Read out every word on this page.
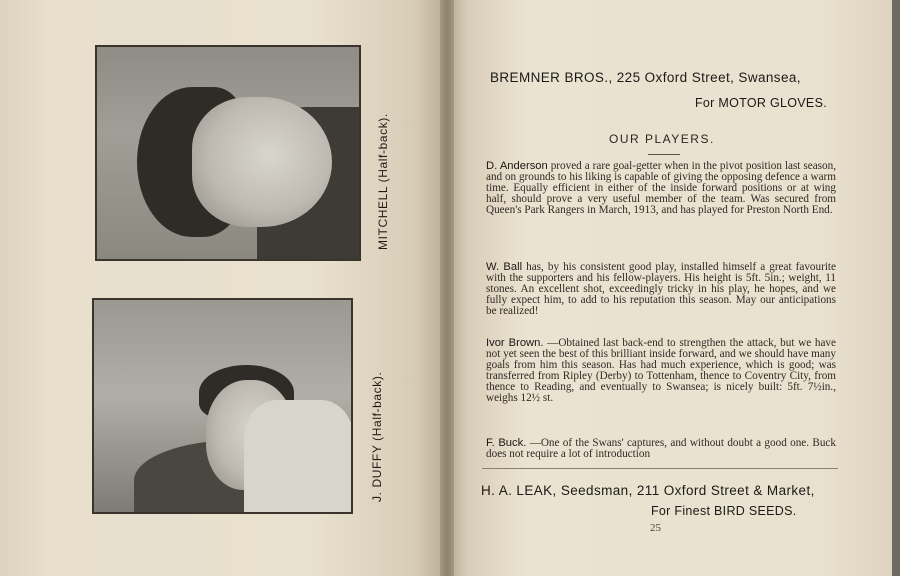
MITCHELL (Half-back).
J. DUFFY (Half-back).
BREMNER BROS., 225 Oxford Street, Swansea,
For MOTOR GLOVES.
OUR PLAYERS.
D. Anderson proved a rare goal-getter when in the pivot position last season, and on grounds to his liking is capable of giving the opposing defence a warm time. Equally efficient in either of the inside forward positions or at wing half, should prove a very useful member of the team. Was secured from Queen's Park Rangers in March, 1913, and has played for Preston North End.
W. Ball has, by his consistent good play, installed himself a great favourite with the supporters and his fellow-players. His height is 5ft. 5in.; weight, 11 stones. An excellent shot, exceedingly tricky in his play, he hopes, and we fully expect him, to add to his reputation this season. May our anticipations be realized!
Ivor Brown. —Obtained last back-end to strengthen the attack, but we have not yet seen the best of this brilliant inside forward, and we should have many goals from him this season. Has had much experience, which is good; was transferred from Ripley (Derby) to Tottenham, thence to Coventry City, from thence to Reading, and eventually to Swansea; is nicely built: 5ft. 7½in., weighs 12½ st.
F. Buck. —One of the Swans' captures, and without doubt a good one. Buck does not require a lot of introduction
H. A. LEAK, Seedsman, 211 Oxford Street & Market,
For Finest BIRD SEEDS.
25
